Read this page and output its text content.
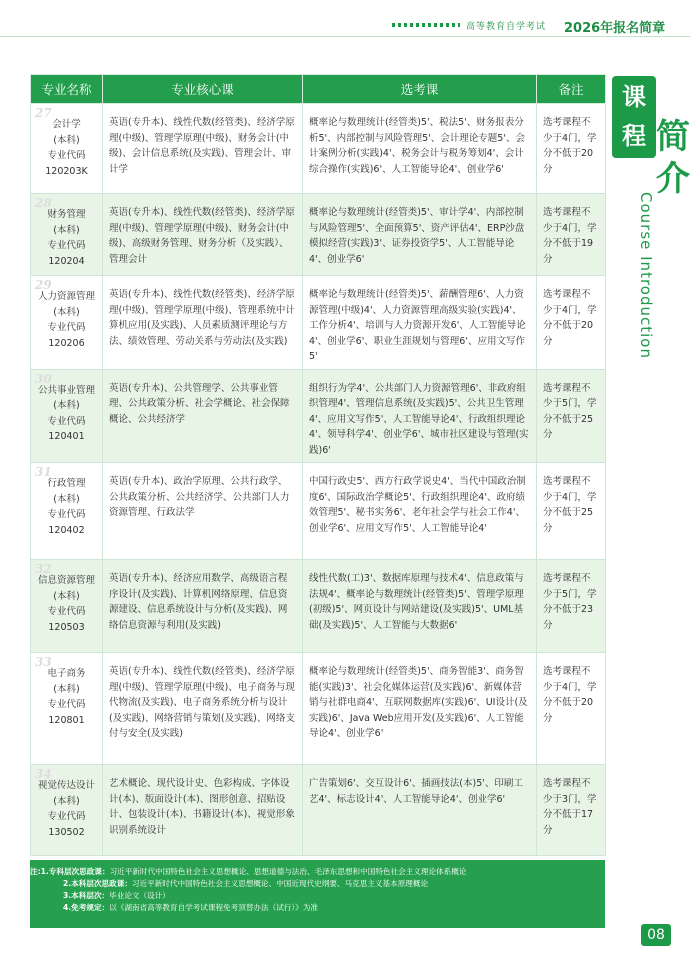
高等教育自学考试 2026年报名简章
专业名称	专业核心课	选考课	备注

27
会计学
(本科)
专业代码
120203K	英语(专升本)、线性代数(经管类)、经济学原理(中级)、管理学原理(中级)、财务会计(中级)、会计信息系统(及实践)、管理会计、审计学	概率论与数理统计(经管类)5'、税法5'、财务报表分析5'、内部控制与风险管理5'、会计理论专题5'、会计案例分析(实践)4'、税务会计与税务筹划4'、会计综合操作(实践)6'、人工智能导论4'、创业学6'	选考课程不少于4门，学分不低于20分

28
财务管理
(本科)
专业代码
120204	英语(专升本)、线性代数(经管类)、经济学原理(中级)、管理学原理(中级)、财务会计(中级)、高级财务管理、财务分析（及实践）、管理会计	概率论与数理统计(经管类)5'、审计学4'、内部控制与风险管理5'、全面预算5'、资产评估4'、ERP沙盘模拟经营(实践)3'、证券投资学5'、人工智能导论4'、创业学6'	选考课程不少于4门，学分不低于19分

29
人力资源管理
(本科)
专业代码
120206	英语(专升本)、线性代数(经管类)、经济学原理(中级)、管理学原理(中级)、管理系统中计算机应用(及实践)、人员素质测评理论与方法、绩效管理、劳动关系与劳动法(及实践)	概率论与数理统计(经管类)5'、薪酬管理6'、人力资源管理(中级)4'、人力资源管理高级实验(实践)4'、工作分析4'、培训与人力资源开发6'、人工智能导论4'、创业学6'、职业生涯规划与管理6'、应用文写作5'	选考课程不少于4门，学分不低于20分

30
公共事业管理
(本科)
专业代码
120401	英语(专升本)、公共管理学、公共事业管理、公共政策分析、社会学概论、社会保障概论、公共经济学	组织行为学4'、公共部门人力资源管理6'、非政府组织管理4'、管理信息系统(及实践)5'、公共卫生管理4'、应用文写作5'、人工智能导论4'、行政组织理论4'、领导科学4'、创业学6'、城市社区建设与管理(实践)6'	选考课程不少于5门，学分不低于25分

31
行政管理
(本科)
专业代码
120402	英语(专升本)、政治学原理、公共行政学、公共政策分析、公共经济学、公共部门人力资源管理、行政法学	中国行政史5'、西方行政学说史4'、当代中国政治制度6'、国际政治学概论5'、行政组织理论4'、政府绩效管理5'、秘书实务6'、老年社会学与社会工作4'、创业学6'、应用文写作5'、人工智能导论4'	选考课程不少于4门，学分不低于25分

32
信息资源管理
(本科)
专业代码
120503	英语(专升本)、经济应用数学、高级语言程序设计(及实践)、计算机网络原理、信息资源建设、信息系统设计与分析(及实践)、网络信息资源与利用(及实践)	线性代数(工)3'、数据库原理与技术4'、信息政策与法规4'、概率论与数理统计(经管类)5'、管理学原理(初级)5'、网页设计与网站建设(及实践)5'、UML基础(及实践)5'、人工智能与大数据6'	选考课程不少于5门，学分不低于23分

33
电子商务
(本科)
专业代码
120801	英语(专升本)、线性代数(经管类)、经济学原理(中级)、管理学原理(中级)、电子商务与现代物流(及实践)、电子商务系统分析与设计(及实践)、网络营销与策划(及实践)、网络支付与安全(及实践)	概率论与数理统计(经管类)5'、商务智能3'、商务智能(实践)3'、社会化媒体运营(及实践)6'、新媒体营销与社群电商4'、互联网数据库(实践)6'、UI设计(及实践)6'、Java Web应用开发(及实践)6'、人工智能导论4'、创业学6'	选考课程不少于4门，学分不低于20分

34
视觉传达设计
(本科)
专业代码
130502	艺术概论、现代设计史、色彩构成、字体设计(本)、版面设计(本)、图形创意、招贴设计、包装设计(本)、书籍设计(本)、视觉形象识别系统设计	广告策划6'、交互设计6'、插画技法(本)5'、印刷工艺4'、标志设计4'、人工智能导论4'、创业学6'	选考课程不少于3门，学分不低于17分
课
程 简
介
Course Introduction
注:1.专科层次思政课：习近平新时代中国特色社会主义思想概论、思想道德与法治、毛泽东思想和中国特色社会主义理论体系概论
2.本科层次思政课：习近平新时代中国特色社会主义思想概论、中国近现代史纲要、马克思主义基本原理概论
3.本科层次：毕业论文（设计）
4.免考规定：以《湖南省高等教育自学考试课程免考顶替办法（试行）》为准
08
